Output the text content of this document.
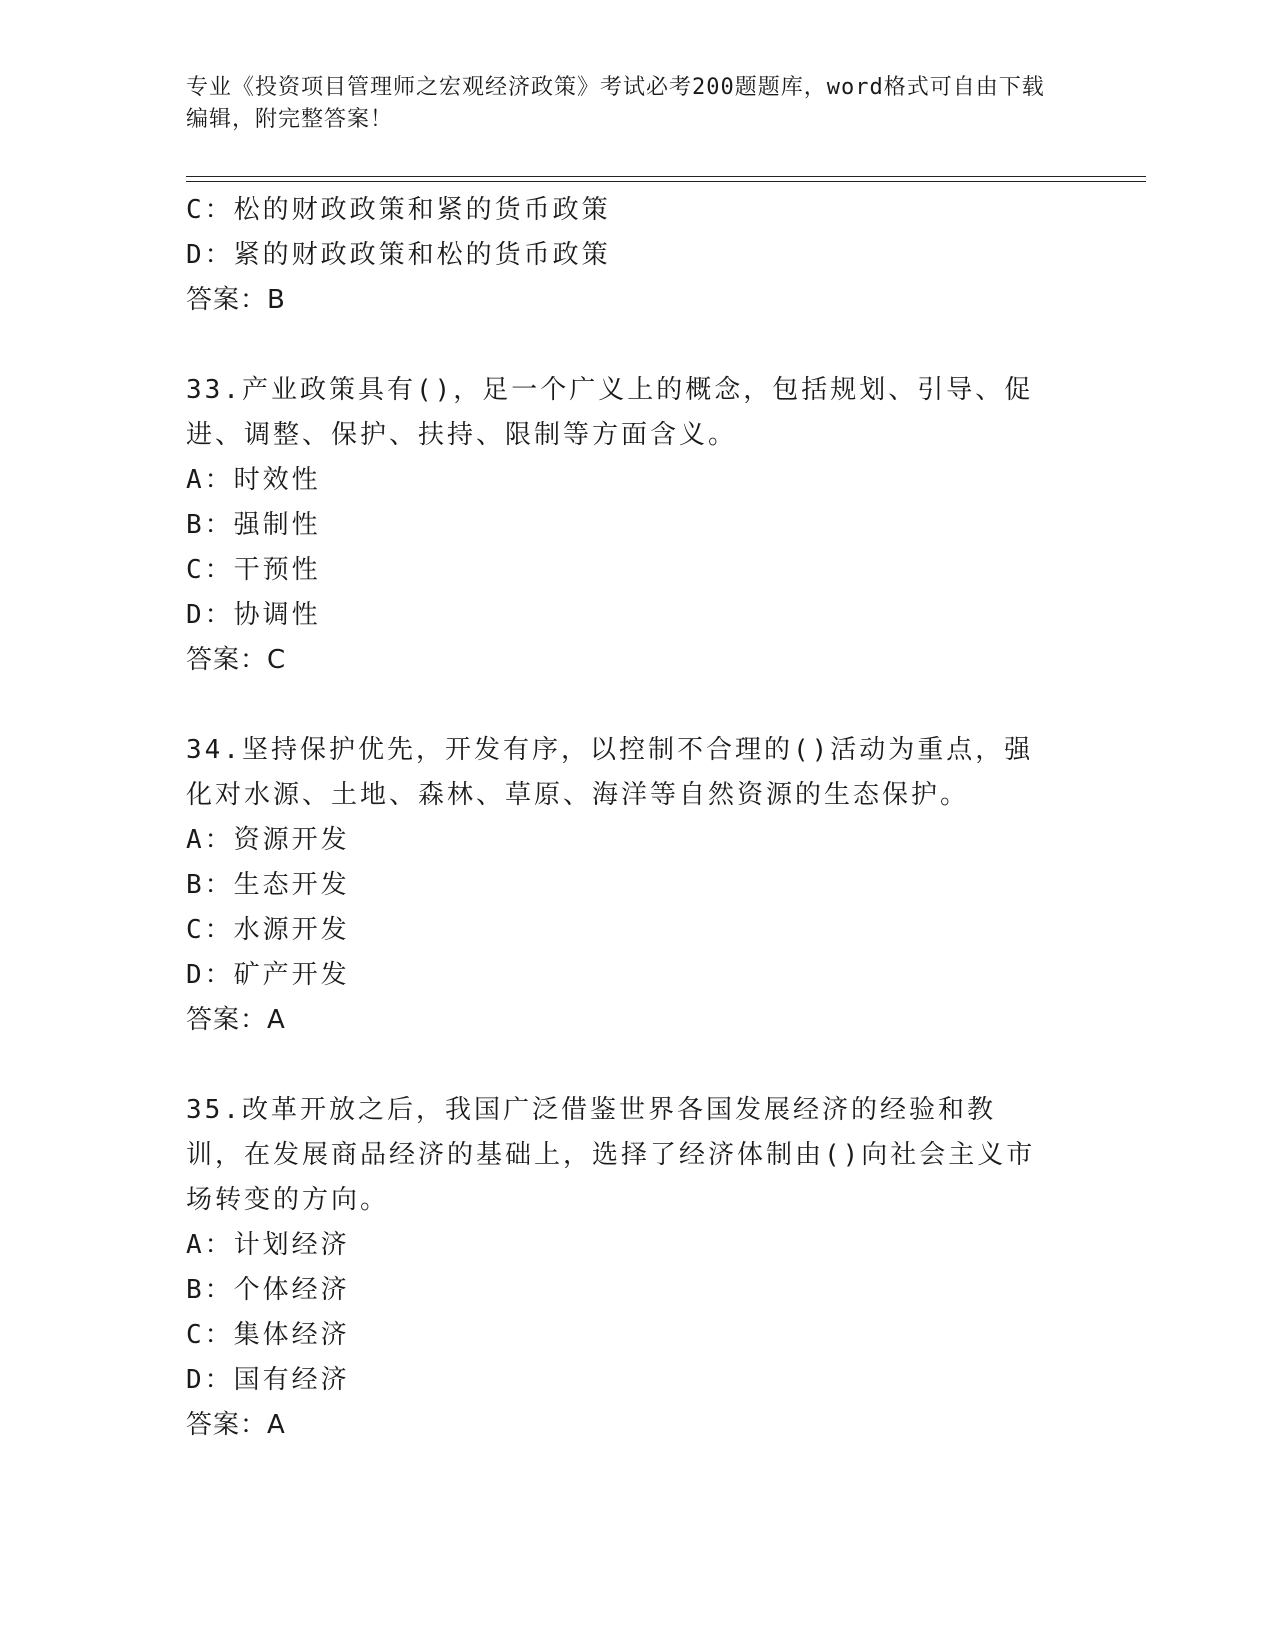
专业《投资项目管理师之宏观经济政策》考试必考200题题库，word格式可自由下载编辑，附完整答案！
C：松的财政政策和紧的货币政策
D：紧的财政政策和松的货币政策
答案：B
33.产业政策具有()，足一个广义上的概念，包括规划、引导、促进、调整、保护、扶持、限制等方面含义。
A：时效性
B：强制性
C：干预性
D：协调性
答案：C
34.坚持保护优先，开发有序，以控制不合理的()活动为重点，强化对水源、土地、森林、草原、海洋等自然资源的生态保护。
A：资源开发
B：生态开发
C：水源开发
D：矿产开发
答案：A
35.改革开放之后，我国广泛借鉴世界各国发展经济的经验和教训，在发展商品经济的基础上，选择了经济体制由()向社会主义市场转变的方向。
A：计划经济
B：个体经济
C：集体经济
D：国有经济
答案：A
